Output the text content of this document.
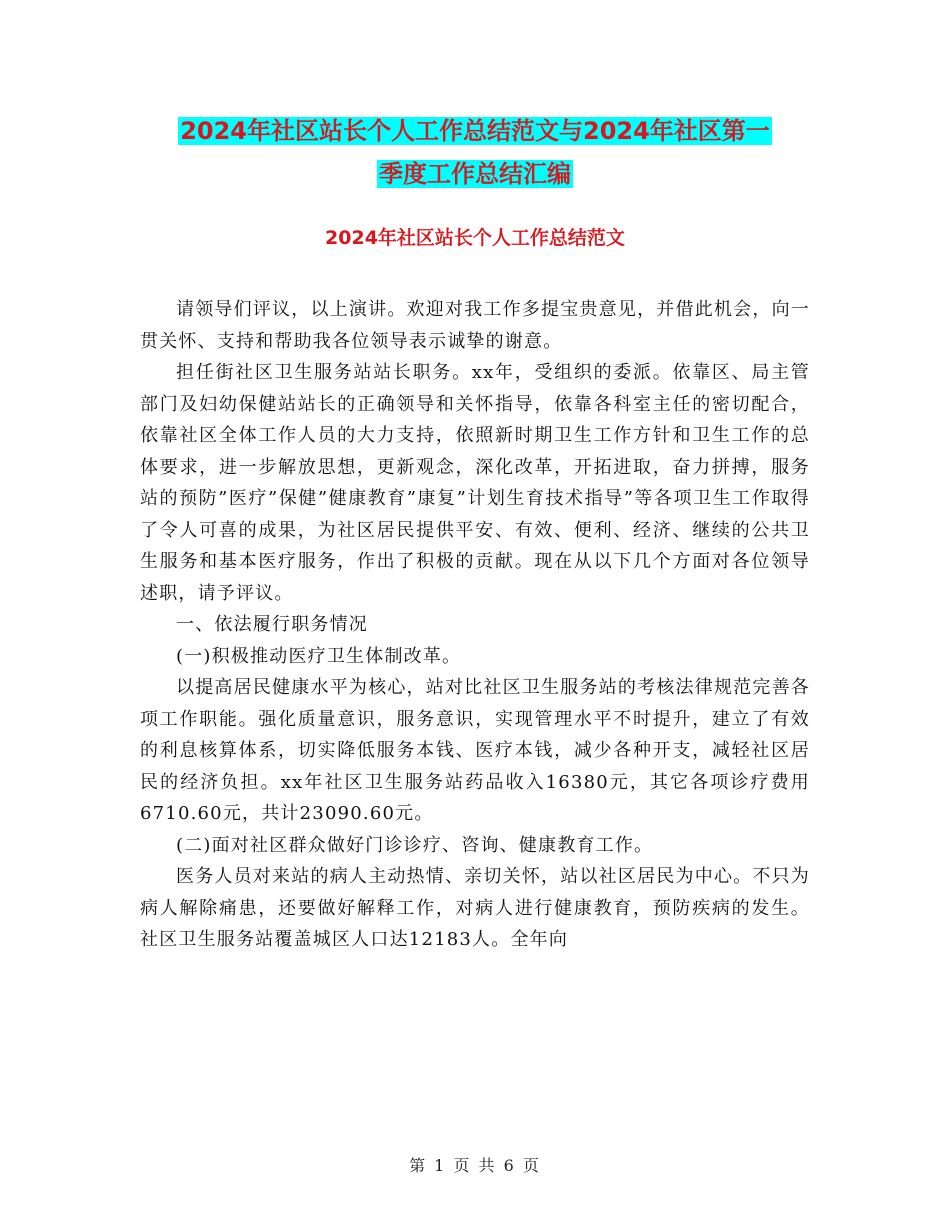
2024年社区站长个人工作总结范文与2024年社区第一
季度工作总结汇编
2024年社区站长个人工作总结范文

请领导们评议，以上演讲。欢迎对我工作多提宝贵意见，并借此机会，向一贯关怀、支持和帮助我各位领导表示诚挚的谢意。

担任街社区卫生服务站站长职务。xx年，受组织的委派。依靠区、局主管部门及妇幼保健站站长的正确领导和关怀指导，依靠各科室主任的密切配合，依靠社区全体工作人员的大力支持，依照新时期卫生工作方针和卫生工作的总体要求，进一步解放思想，更新观念，深化改革，开拓进取，奋力拼搏，服务站的预防”医疗”保健”健康教育”康复”计划生育技术指导”等各项卫生工作取得了令人可喜的成果，为社区居民提供平安、有效、便利、经济、继续的公共卫生服务和基本医疗服务，作出了积极的贡献。现在从以下几个方面对各位领导述职，请予评议。

一、依法履行职务情况

(一)积极推动医疗卫生体制改革。

以提高居民健康水平为核心，站对比社区卫生服务站的考核法律规范完善各项工作职能。强化质量意识，服务意识，实现管理水平不时提升，建立了有效的利息核算体系，切实降低服务本钱、医疗本钱，减少各种开支，减轻社区居民的经济负担。xx年社区卫生服务站药品收入16380元，其它各项诊疗费用6710.60元，共计23090.60元。

(二)面对社区群众做好门诊诊疗、咨询、健康教育工作。

医务人员对来站的病人主动热情、亲切关怀，站以社区居民为中心。不只为病人解除痛患，还要做好解释工作，对病人进行健康教育，预防疾病的发生。社区卫生服务站覆盖城区人口达12183人。全年向

第 1 页 共 6 页
